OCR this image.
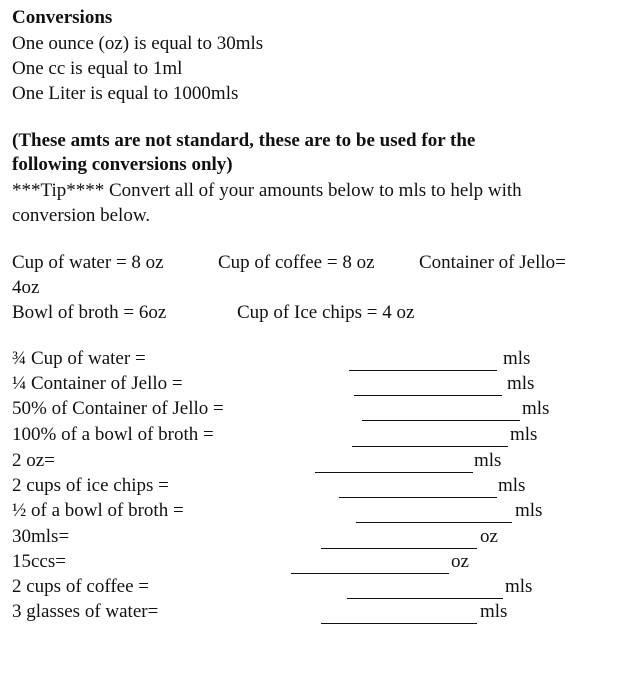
Conversions
One ounce (oz) is equal to 30mls
One cc is equal to 1ml
One Liter is equal to 1000mls
(These amts are not standard, these are to be used for the
following conversions only)
***Tip**** Convert all of your amounts below to mls to help with
conversion below.
Cup of water = 8 oz	Cup of coffee = 8 oz Container of Jello=
4oz
Bowl of broth = 6oz	Cup of Ice chips = 4 oz
¾ Cup of water =	mls
¼ Container of Jello =	mls
50% of Container of Jello =	mls
100% of a bowl of broth =	mls
2 oz=	mls
2 cups of ice chips =	mls
½ of a bowl of broth =	mls
30mls=	oz
15ccs=	oz
2 cups of coffee =	mls
3 glasses of water=	mls
